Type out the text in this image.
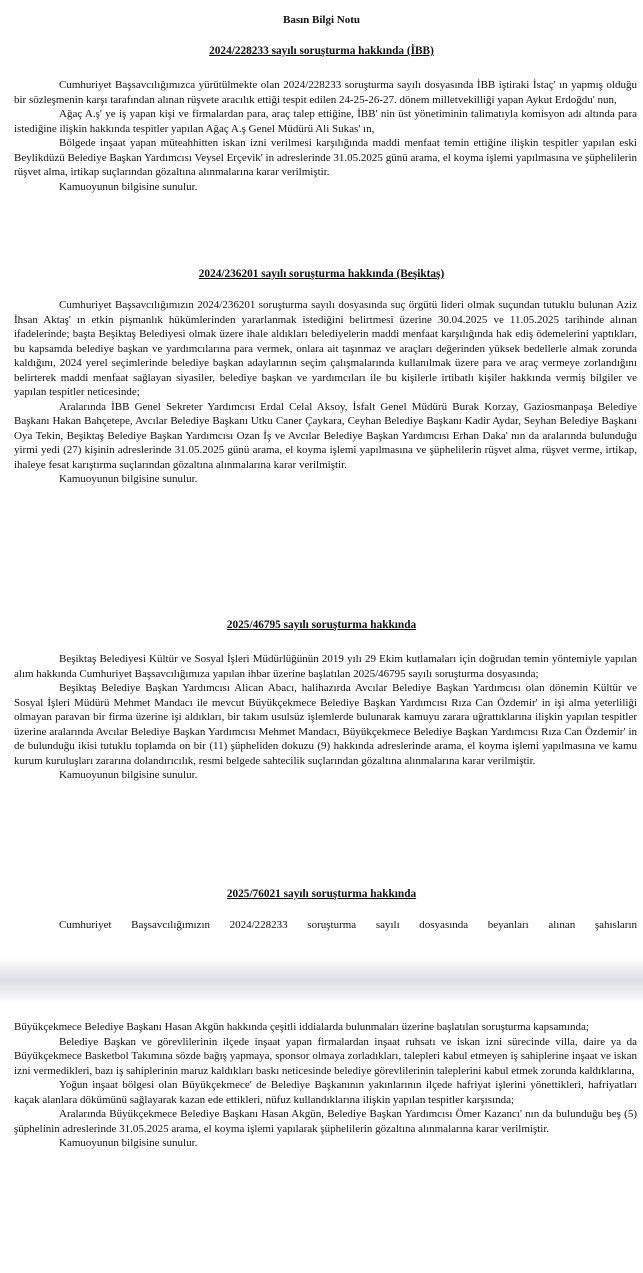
Basın Bilgi Notu
2024/228233 sayılı soruşturma hakkında (İBB)

Cumhuriyet Başsavcılığımızca yürütülmekte olan 2024/228233 soruşturma sayılı dosyasında İBB iştiraki İstaç' ın yapmış olduğu bir sözleşmenin karşı tarafından alınan rüşvete aracılık ettiği tespit edilen 24-25-26-27. dönem milletvekilliği yapan Aykut Erdoğdu' nun,

Ağaç A.ş' ye iş yapan kişi ve firmalardan para, araç talep ettiğine, İBB' nin üst yönetiminin talimatıyla komisyon adı altında para istediğine ilişkin hakkında tespitler yapılan Ağaç A.ş Genel Müdürü Ali Sukas' ın,

Bölgede inşaat yapan müteahhitten iskan izni verilmesi karşılığında maddi menfaat temin ettiğine ilişkin tespitler yapılan eski Beylikdüzü Belediye Başkan Yardımcısı Veysel Erçevik' in adreslerinde 31.05.2025 günü arama, el koyma işlemi yapılmasına ve şüphelilerin rüşvet alma, irtikap suçlarından gözaltına alınmalarına karar verilmiştir.

Kamuoyunun bilgisine sunulur.

2024/236201 sayılı soruşturma hakkında (Beşiktaş)

Cumhuriyet Başsavcılığımızın 2024/236201 soruşturma sayılı dosyasında suç örgütü lideri olmak suçundan tutuklu bulunan Aziz İhsan Aktaş' ın etkin pişmanlık hükümlerinden yararlanmak istediğini belirtmesi üzerine 30.04.2025 ve 11.05.2025 tarihinde alınan ifadelerinde; başta Beşiktaş Belediyesi olmak üzere ihale aldıkları belediyelerin maddi menfaat karşılığında hak ediş ödemelerini yaptıkları, bu kapsamda belediye başkan ve yardımcılarına para vermek, onlara ait taşınmaz ve araçları değerinden yüksek bedellerle almak zorunda kaldığını, 2024 yerel seçimlerinde belediye başkan adaylarının seçim çalışmalarında kullanılmak üzere para ve araç vermeye zorlandığını belirterek maddi menfaat sağlayan siyasiler, belediye başkan ve yardımcıları ile bu kişilerle irtibatlı kişiler hakkında vermiş bilgiler ve yapılan tespitler neticesinde;

Aralarında İBB Genel Sekreter Yardımcısı Erdal Celal Aksoy, İsfalt Genel Müdürü Burak Korzay, Gaziosmanpaşa Belediye Başkanı Hakan Bahçetepe, Avcılar Belediye Başkanı Utku Caner Çaykara, Ceyhan Belediye Başkanı Kadir Aydar, Seyhan Belediye Başkanı Oya Tekin, Beşiktaş Belediye Başkan Yardımcısı Ozan İş ve Avcılar Belediye Başkan Yardımcısı Erhan Daka' nın da aralarında bulunduğu yirmi yedi (27) kişinin adreslerinde 31.05.2025 günü arama, el koyma işlemi yapılmasına ve şüphelilerin rüşvet alma, rüşvet verme, irtikap, ihaleye fesat karıştırma suçlarından gözaltına alınmalarına karar verilmiştir.

Kamuoyunun bilgisine sunulur.

2025/46795 sayılı soruşturma hakkında

Beşiktaş Belediyesi Kültür ve Sosyal İşleri Müdürlüğünün 2019 yılı 29 Ekim kutlamaları için doğrudan temin yöntemiyle yapılan alım hakkında Cumhuriyet Başsavcılığımıza yapılan ihbar üzerine başlatılan 2025/46795 sayılı soruşturma dosyasında;

Beşiktaş Belediye Başkan Yardımcısı Alican Abacı, halihazırda Avcılar Belediye Başkan Yardımcısı olan dönemin Kültür ve Sosyal İşleri Müdürü Mehmet Mandacı ile mevcut Büyükçekmece Belediye Başkan Yardımcısı Rıza Can Özdemir' in işi alma yeterliliği olmayan paravan bir firma üzerine işi aldıkları, bir takım usulsüz işlemlerde bulunarak kamuyu zarara uğrattıklarına ilişkin yapılan tespitler üzerine aralarında Avcılar Belediye Başkan Yardımcısı Mehmet Mandacı, Büyükçekmece Belediye Başkan Yardımcısı Rıza Can Özdemir' in de bulunduğu ikisi tutuklu toplamda on bir (11) şüpheliden dokuzu (9) hakkında adreslerinde arama, el koyma işlemi yapılmasına ve kamu kurum kuruluşları zararına dolandırıcılık, resmi belgede sahtecilik suçlarından gözaltına alınmalarına karar verilmiştir.

Kamuoyunun bilgisine sunulur.

2025/76021 sayılı soruşturma hakkında

Cumhuriyet Başsavcılığımızın 2024/228233 soruşturma sayılı dosyasında beyanları alınan şahısların

Büyükçekmece Belediye Başkanı Hasan Akgün hakkında çeşitli iddialarda bulunmaları üzerine başlatılan soruşturma kapsamında;

Belediye Başkan ve görevlilerinin ilçede inşaat yapan firmalardan inşaat ruhsatı ve iskan izni sürecinde villa, daire ya da Büyükçekmece Basketbol Takımına sözde bağış yapmaya, sponsor olmaya zorladıkları, talepleri kabul etmeyen iş sahiplerine inşaat ve iskan izni vermedikleri, bazı iş sahiplerinin maruz kaldıkları baskı neticesinde belediye görevlilerinin taleplerini kabul etmek zorunda kaldıklarına,

Yoğun inşaat bölgesi olan Büyükçekmece' de Belediye Başkanının yakınlarının ilçede hafriyat işlerini yönettikleri, hafriyatları kaçak alanlara dökümünü sağlayarak kazan ede ettikleri, nüfuz kullandıklarına ilişkin yapılan tespitler karşısında;

Aralarında Büyükçekmece Belediye Başkanı Hasan Akgün, Belediye Başkan Yardımcısı Ömer Kazancı' nın da bulunduğu beş (5) şüphelinin adreslerinde 31.05.2025 arama, el koyma işlemi yapılarak şüphelilerin gözaltına alınmalarına karar verilmiştir.

Kamuoyunun bilgisine sunulur.
